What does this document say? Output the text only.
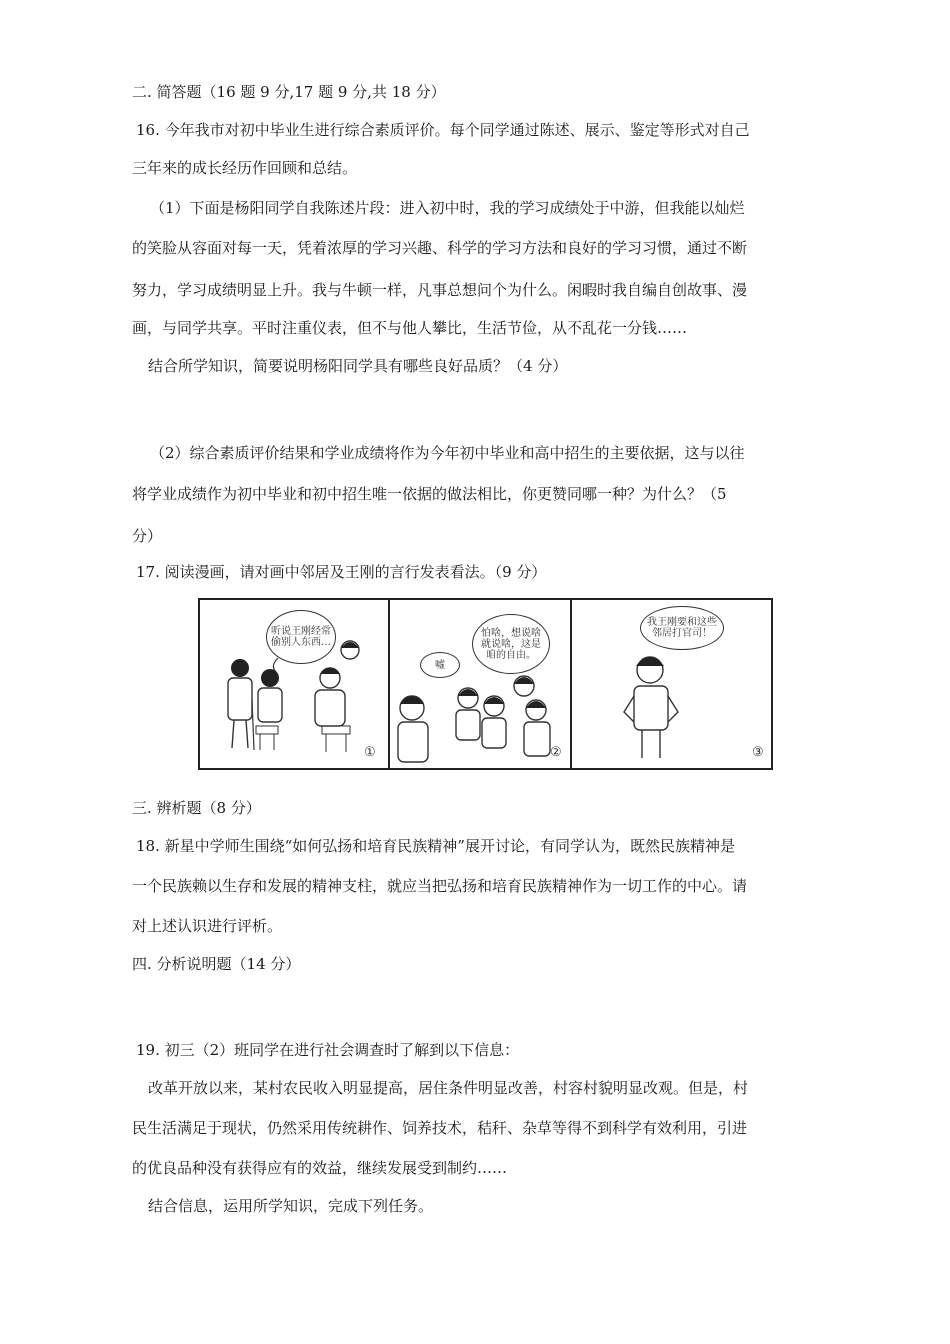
二. 简答题（16 题 9 分,17 题 9 分,共 18 分）
16. 今年我市对初中毕业生进行综合素质评价。每个同学通过陈述、展示、鉴定等形式对自己
三年来的成长经历作回顾和总结。
（1）下面是杨阳同学自我陈述片段：进入初中时，我的学习成绩处于中游，但我能以灿烂
的笑脸从容面对每一天，凭着浓厚的学习兴趣、科学的学习方法和良好的学习习惯，通过不断
努力，学习成绩明显上升。我与牛顿一样，凡事总想问个为什么。闲暇时我自编自创故事、漫
画，与同学共享。平时注重仪表，但不与他人攀比，生活节俭，从不乱花一分钱……
结合所学知识，简要说明杨阳同学具有哪些良好品质？（4 分）
（2）综合素质评价结果和学业成绩将作为今年初中毕业和高中招生的主要依据，这与以往
将学业成绩作为初中毕业和初中招生唯一依据的做法相比，你更赞同哪一种？为什么？（5
分）
17. 阅读漫画，请对画中邻居及王刚的言行发表看法。（9 分）
听说王刚经常偷别人东西…
①
怕啥，想说啥就说啥，这是咱的自由。
嘘
②
我王刚要和这些邻居打官司！
③
三. 辨析题（8 分）
18. 新星中学师生围绕“如何弘扬和培育民族精神”展开讨论，有同学认为，既然民族精神是
一个民族赖以生存和发展的精神支柱，就应当把弘扬和培育民族精神作为一切工作的中心。请
对上述认识进行评析。
四. 分析说明题（14 分）
19. 初三（2）班同学在进行社会调查时了解到以下信息：
改革开放以来，某村农民收入明显提高，居住条件明显改善，村容村貌明显改观。但是，村
民生活满足于现状，仍然采用传统耕作、饲养技术，秸秆、杂草等得不到科学有效利用，引进
的优良品种没有获得应有的效益，继续发展受到制约……
结合信息，运用所学知识，完成下列任务。
